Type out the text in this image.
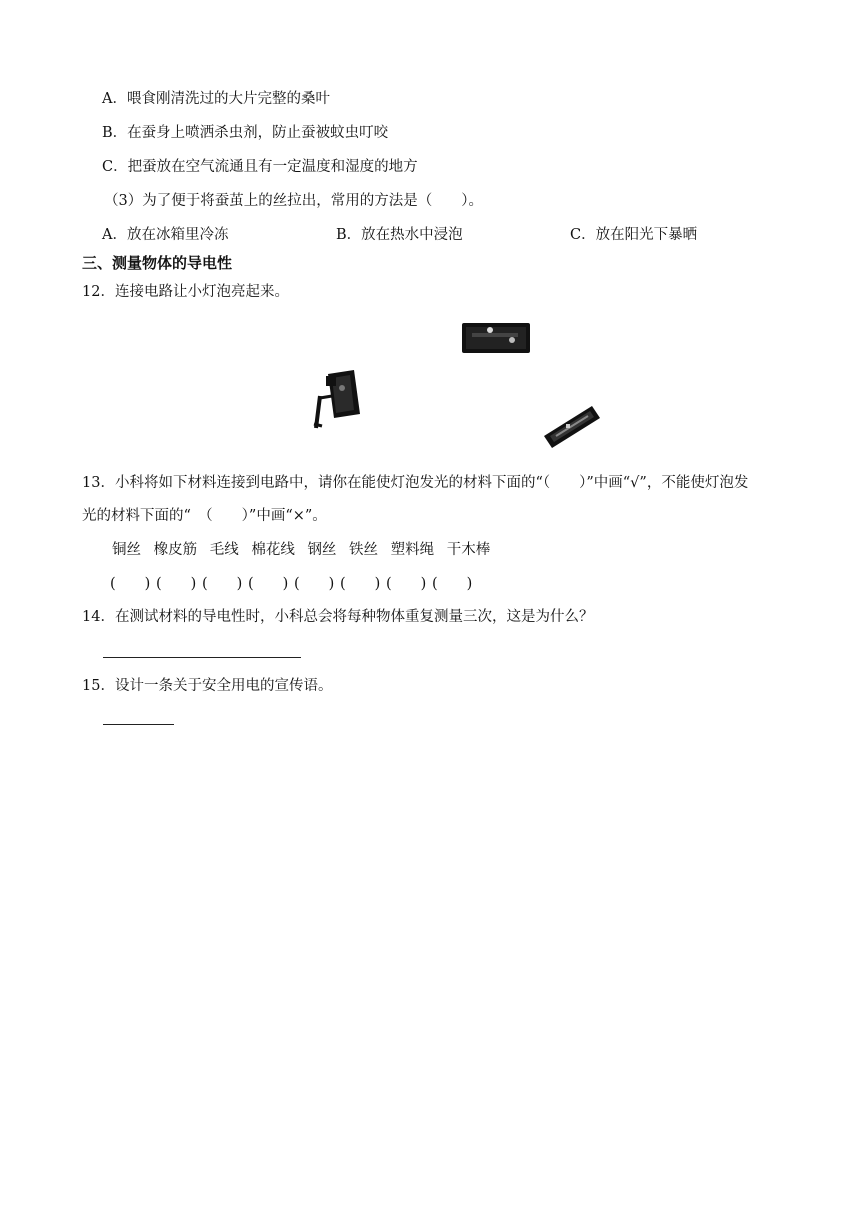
A．喂食刚清洗过的大片完整的桑叶
B．在蚕身上喷洒杀虫剂，防止蚕被蚊虫叮咬
C．把蚕放在空气流通且有一定温度和湿度的地方
（3）为了便于将蚕茧上的丝拉出，常用的方法是（　　）。
A．放在冰箱里冷冻	B．放在热水中浸泡	C．放在阳光下暴晒
三、测量物体的导电性
12．连接电路让小灯泡亮起来。
13．小科将如下材料连接到电路中，请你在能使灯泡发光的材料下面的“（　　）”中画“√”，不能使灯泡发
光的材料下面的“　（　　）”中画“×”。
铜丝 橡皮筋 毛线 棉花线 钢丝 铁丝 塑料绳 干木棒
(　　) (　　) (　　) (　　) (　　) (　　) (　　) (　　)
14．在测试材料的导电性时，小科总会将每种物体重复测量三次，这是为什么？
15．设计一条关于安全用电的宣传语。
